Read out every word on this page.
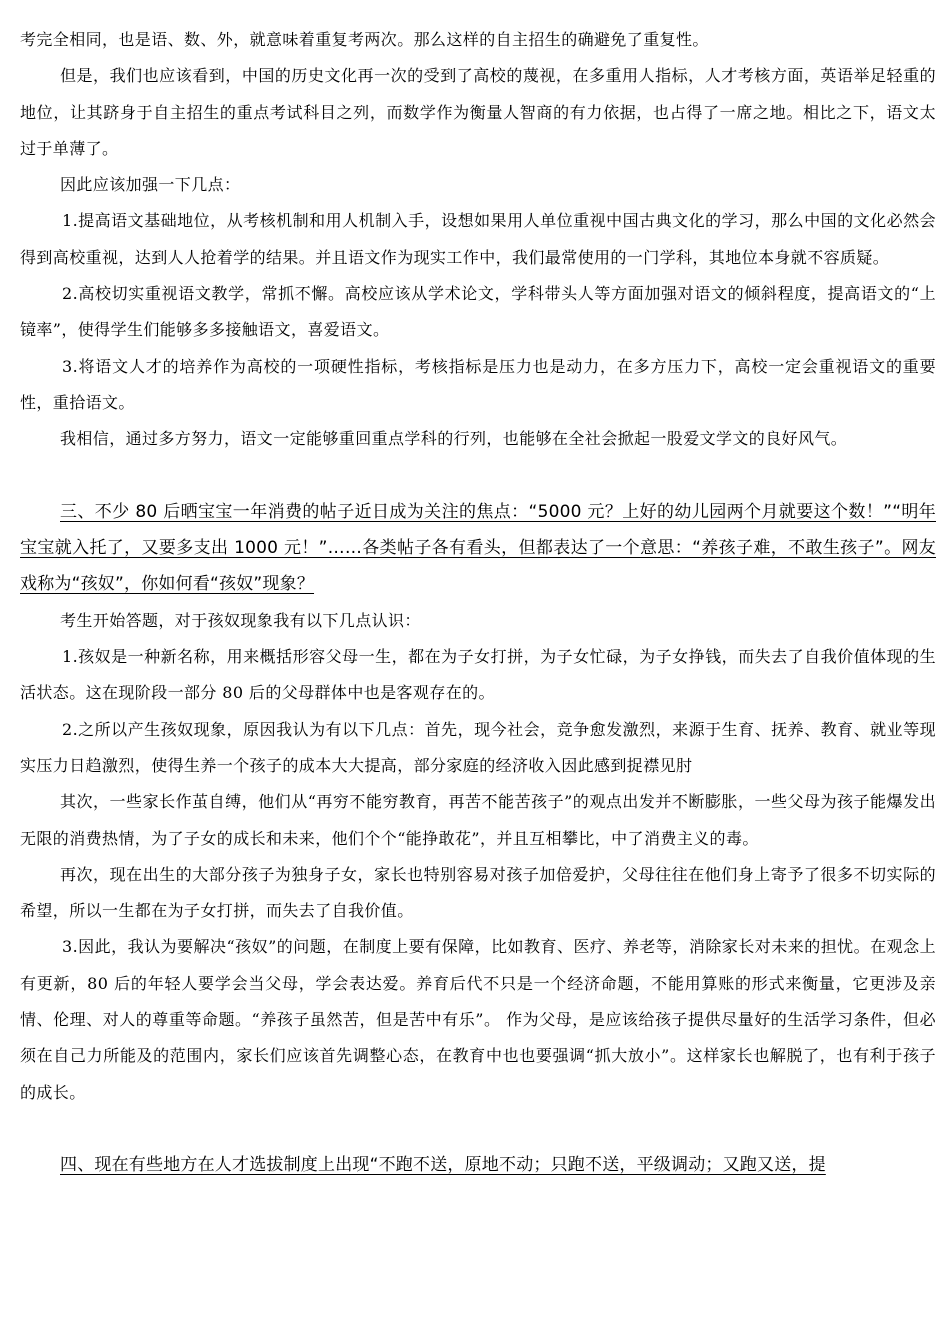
考完全相同，也是语、数、外，就意味着重复考两次。那么这样的自主招生的确避免了重复性。

但是，我们也应该看到，中国的历史文化再一次的受到了高校的蔑视，在多重用人指标，人才考核方面，英语举足轻重的地位，让其跻身于自主招生的重点考试科目之列，而数学作为衡量人智商的有力依据，也占得了一席之地。相比之下，语文太过于单薄了。

因此应该加强一下几点：

1.提高语文基础地位，从考核机制和用人机制入手，设想如果用人单位重视中国古典文化的学习，那么中国的文化必然会得到高校重视，达到人人抢着学的结果。并且语文作为现实工作中，我们最常使用的一门学科，其地位本身就不容质疑。

2.高校切实重视语文教学，常抓不懈。高校应该从学术论文，学科带头人等方面加强对语文的倾斜程度，提高语文的“上镜率”，使得学生们能够多多接触语文，喜爱语文。

3.将语文人才的培养作为高校的一项硬性指标，考核指标是压力也是动力，在多方压力下，高校一定会重视语文的重要性，重拾语文。

我相信，通过多方努力，语文一定能够重回重点学科的行列，也能够在全社会掀起一股爱文学文的良好风气。

三、不少 80 后晒宝宝一年消费的帖子近日成为关注的焦点：“5000 元？上好的幼儿园两个月就要这个数！”“明年宝宝就入托了，又要多支出 1000 元！”……各类帖子各有看头，但都表达了一个意思：“养孩子难，不敢生孩子”。网友戏称为“孩奴”，你如何看“孩奴”现象？

考生开始答题，对于孩奴现象我有以下几点认识：

1.孩奴是一种新名称，用来概括形容父母一生，都在为子女打拼，为子女忙碌，为子女挣钱，而失去了自我价值体现的生活状态。这在现阶段一部分 80 后的父母群体中也是客观存在的。

2.之所以产生孩奴现象，原因我认为有以下几点：首先，现今社会，竞争愈发激烈，来源于生育、抚养、教育、就业等现实压力日趋激烈，使得生养一个孩子的成本大大提高，部分家庭的经济收入因此感到捉襟见肘

其次，一些家长作茧自缚，他们从“再穷不能穷教育，再苦不能苦孩子”的观点出发并不断膨胀，一些父母为孩子能爆发出无限的消费热情，为了子女的成长和未来，他们个个“能挣敢花”，并且互相攀比，中了消费主义的毒。

再次，现在出生的大部分孩子为独身子女，家长也特别容易对孩子加倍爱护，父母往往在他们身上寄予了很多不切实际的希望，所以一生都在为子女打拼，而失去了自我价值。

3.因此，我认为要解决“孩奴”的问题，在制度上要有保障，比如教育、医疗、养老等，消除家长对未来的担忧。在观念上有更新，80 后的年轻人要学会当父母，学会表达爱。养育后代不只是一个经济命题，不能用算账的形式来衡量，它更涉及亲情、伦理、对人的尊重等命题。“养孩子虽然苦，但是苦中有乐”。 作为父母，是应该给孩子提供尽量好的生活学习条件，但必须在自己力所能及的范围内，家长们应该首先调整心态，在教育中也也要强调“抓大放小”。这样家长也解脱了，也有利于孩子的成长。

四、现在有些地方在人才选拔制度上出现“不跑不送，原地不动；只跑不送，平级调动；又跑又送，提
